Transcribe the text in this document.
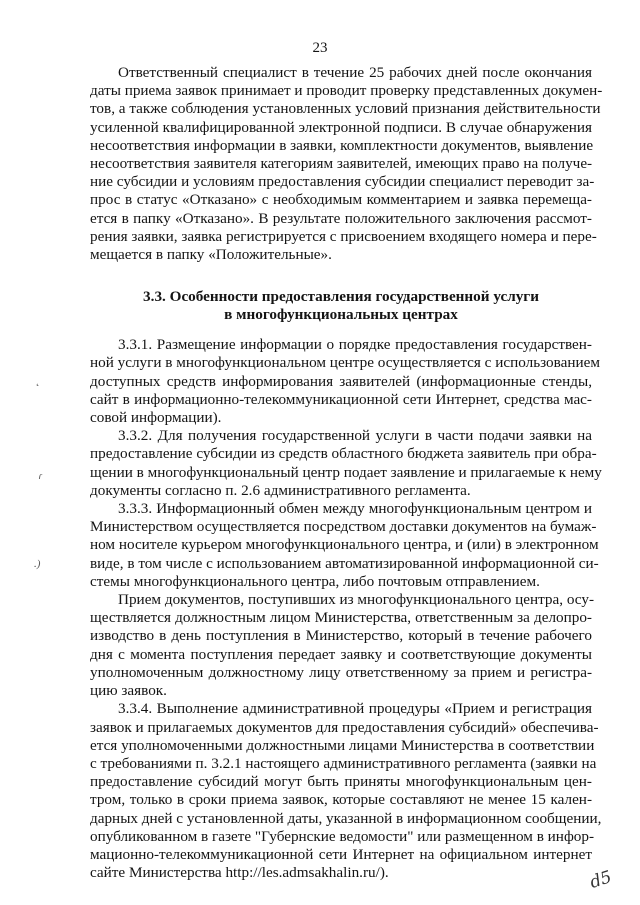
23
Ответственный специалист в течение 25 рабочих дней после окончания
даты приема заявок принимает и проводит проверку представленных докумен-
тов, а также соблюдения установленных условий признания действительности
усиленной квалифицированной электронной подписи. В случае обнаружения
несоответствия информации в заявки, комплектности документов, выявление
несоответствия заявителя категориям заявителей, имеющих право на получе-
ние субсидии и условиям предоставления субсидии специалист переводит за-
прос в статус «Отказано» с необходимым комментарием и заявка перемеща-
ется в папку «Отказано». В результате положительного заключения рассмот-
рения заявки, заявка регистрируется с присвоением входящего номера и пере-
мещается в папку «Положительные».
3.3. Особенности предоставления государственной услуги
в многофункциональных центрах
3.3.1. Размещение информации о порядке предоставления государствен-
ной услуги в многофункциональном центре осуществляется с использованием
доступных средств информирования заявителей (информационные стенды,
сайт в информационно-телекоммуникационной сети Интернет, средства мас-
совой информации).
3.3.2. Для получения государственной услуги в части подачи заявки на
предоставление субсидии из средств областного бюджета заявитель при обра-
щении в многофункциональный центр подает заявление и прилагаемые к нему
документы согласно п. 2.6 административного регламента.
3.3.3. Информационный обмен между многофункциональным центром и
Министерством осуществляется посредством доставки документов на бумаж-
ном носителе курьером многофункционального центра, и (или) в электронном
виде, в том числе с использованием автоматизированной информационной си-
стемы многофункционального центра, либо почтовым отправлением.
Прием документов, поступивших из многофункционального центра, осу-
ществляется должностным лицом Министерства, ответственным за делопро-
изводство в день поступления в Министерство, который в течение рабочего
дня с момента поступления передает заявку и соответствующие документы
уполномоченным должностному лицу ответственному за прием и регистра-
цию заявок.
3.3.4. Выполнение административной процедуры «Прием и регистрация
заявок и прилагаемых документов для предоставления субсидий» обеспечива-
ется уполномоченными должностными лицами Министерства в соответствии
с требованиями п. 3.2.1 настоящего административного регламента (заявки на
предоставление субсидий могут быть приняты многофункциональным цен-
тром, только в сроки приема заявок, которые составляют не менее 15 кален-
дарных дней с установленной даты, указанной в информационном сообщении,
опубликованном в газете "Губернские ведомости" или размещенном в инфор-
мационно-телекоммуникационной сети Интернет на официальном интернет
сайте Министерства http://les.admsakhalin.ru/).
˛
ɾ
.)
d5
